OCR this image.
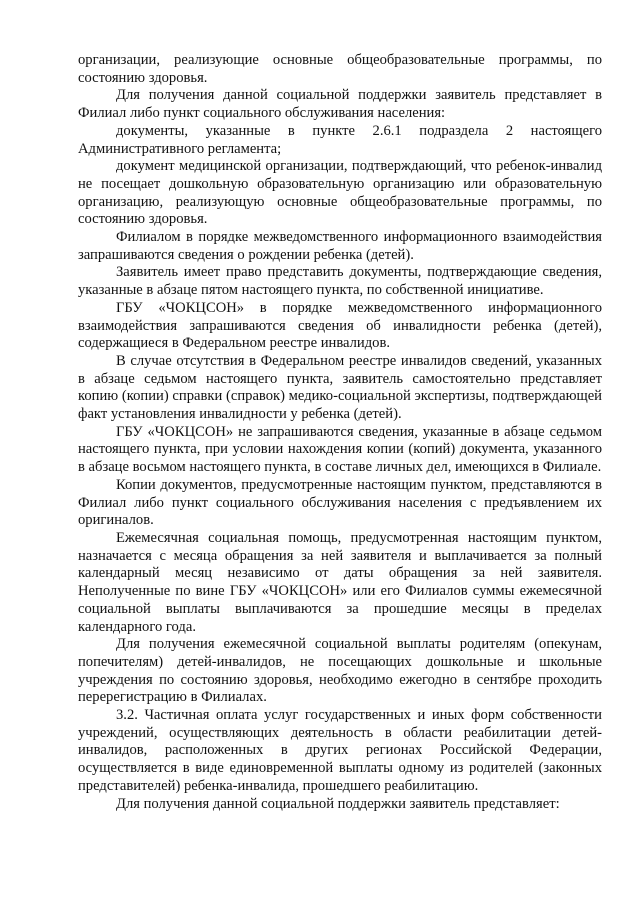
организации, реализующие основные общеобразовательные программы, по состоянию здоровья.

Для получения данной социальной поддержки заявитель представляет в Филиал либо пункт социального обслуживания населения:

документы, указанные в пункте 2.6.1 подраздела 2 настоящего Административного регламента;

документ медицинской организации, подтверждающий, что ребенок-инвалид не посещает дошкольную образовательную организацию или образовательную организацию, реализующую основные общеобразовательные программы, по состоянию здоровья.

Филиалом в порядке межведомственного информационного взаимодействия запрашиваются сведения о рождении ребенка (детей).

Заявитель имеет право представить документы, подтверждающие сведения, указанные в абзаце пятом настоящего пункта, по собственной инициативе.

ГБУ «ЧОКЦСОН» в порядке межведомственного информационного взаимодействия запрашиваются сведения об инвалидности ребенка (детей), содержащиеся в Федеральном реестре инвалидов.

В случае отсутствия в Федеральном реестре инвалидов сведений, указанных в абзаце седьмом настоящего пункта, заявитель самостоятельно представляет копию (копии) справки (справок) медико-социальной экспертизы, подтверждающей факт установления инвалидности у ребенка (детей).

ГБУ «ЧОКЦСОН» не запрашиваются сведения, указанные в абзаце седьмом настоящего пункта, при условии нахождения копии (копий) документа, указанного в абзаце восьмом настоящего пункта, в составе личных дел, имеющихся в Филиале.

Копии документов, предусмотренные настоящим пунктом, представляются в Филиал либо пункт социального обслуживания населения с предъявлением их оригиналов.

Ежемесячная социальная помощь, предусмотренная настоящим пунктом, назначается с месяца обращения за ней заявителя и выплачивается за полный календарный месяц независимо от даты обращения за ней заявителя. Неполученные по вине ГБУ «ЧОКЦСОН» или его Филиалов суммы ежемесячной социальной выплаты выплачиваются за прошедшие месяцы в пределах календарного года.

Для получения ежемесячной социальной выплаты родителям (опекунам, попечителям) детей-инвалидов, не посещающих дошкольные и школьные учреждения по состоянию здоровья, необходимо ежегодно в сентябре проходить перерегистрацию в Филиалах.

3.2. Частичная оплата услуг государственных и иных форм собственности учреждений, осуществляющих деятельность в области реабилитации детей-инвалидов, расположенных в других регионах Российской Федерации, осуществляется в виде единовременной выплаты одному из родителей (законных представителей) ребенка-инвалида, прошедшего реабилитацию.

Для получения данной социальной поддержки заявитель представляет:
